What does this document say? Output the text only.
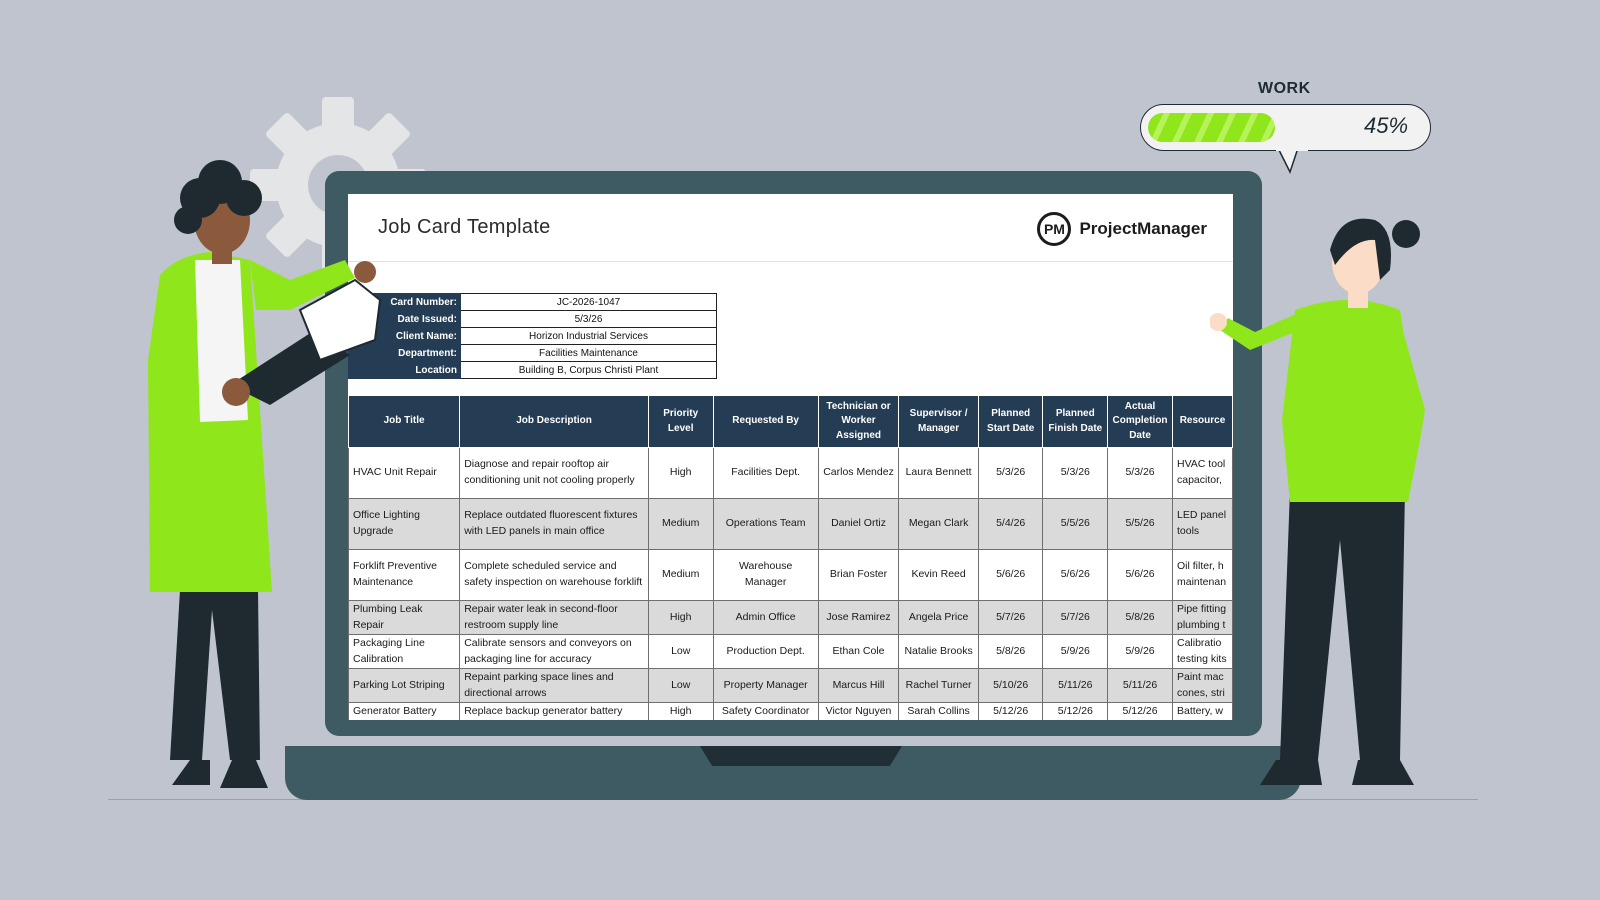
Job Card Template	PM ProjectManager
Card Number:	JC-2026-1047
Date Issued:	5/3/26
Client Name:	Horizon Industrial Services
Department:	Facilities Maintenance
Location	Building B, Corpus Christi Plant
Job Title	Job Description	Priority Level	Requested By	Technician or Worker Assigned	Supervisor / Manager	Planned Start Date	Planned Finish Date	Actual Completion Date	Resource
HVAC Unit Repair	Diagnose and repair rooftop air conditioning unit not cooling properly	High	Facilities Dept.	Carlos Mendez	Laura Bennett	5/3/26	5/3/26	5/3/26	HVAC tool capacitor,
Office Lighting Upgrade	Replace outdated fluorescent fixtures with LED panels in main office	Medium	Operations Team	Daniel Ortiz	Megan Clark	5/4/26	5/5/26	5/5/26	LED panel tools
Forklift Preventive Maintenance	Complete scheduled service and safety inspection on warehouse forklift	Medium	Warehouse Manager	Brian Foster	Kevin Reed	5/6/26	5/6/26	5/6/26	Oil filter, h maintenan
Plumbing Leak Repair	Repair water leak in second-floor restroom supply line	High	Admin Office	Jose Ramirez	Angela Price	5/7/26	5/7/26	5/8/26	Pipe fitting plumbing t
Packaging Line Calibration	Calibrate sensors and conveyors on packaging line for accuracy	Low	Production Dept.	Ethan Cole	Natalie Brooks	5/8/26	5/9/26	5/9/26	Calibratio testing kits
Parking Lot Striping	Repaint parking space lines and directional arrows	Low	Property Manager	Marcus Hill	Rachel Turner	5/10/26	5/11/26	5/11/26	Paint mac cones, stri
Generator Battery	Replace backup generator battery	High	Safety Coordinator	Victor Nguyen	Sarah Collins	5/12/26	5/12/26	5/12/26	Battery, w
WORK
45%
